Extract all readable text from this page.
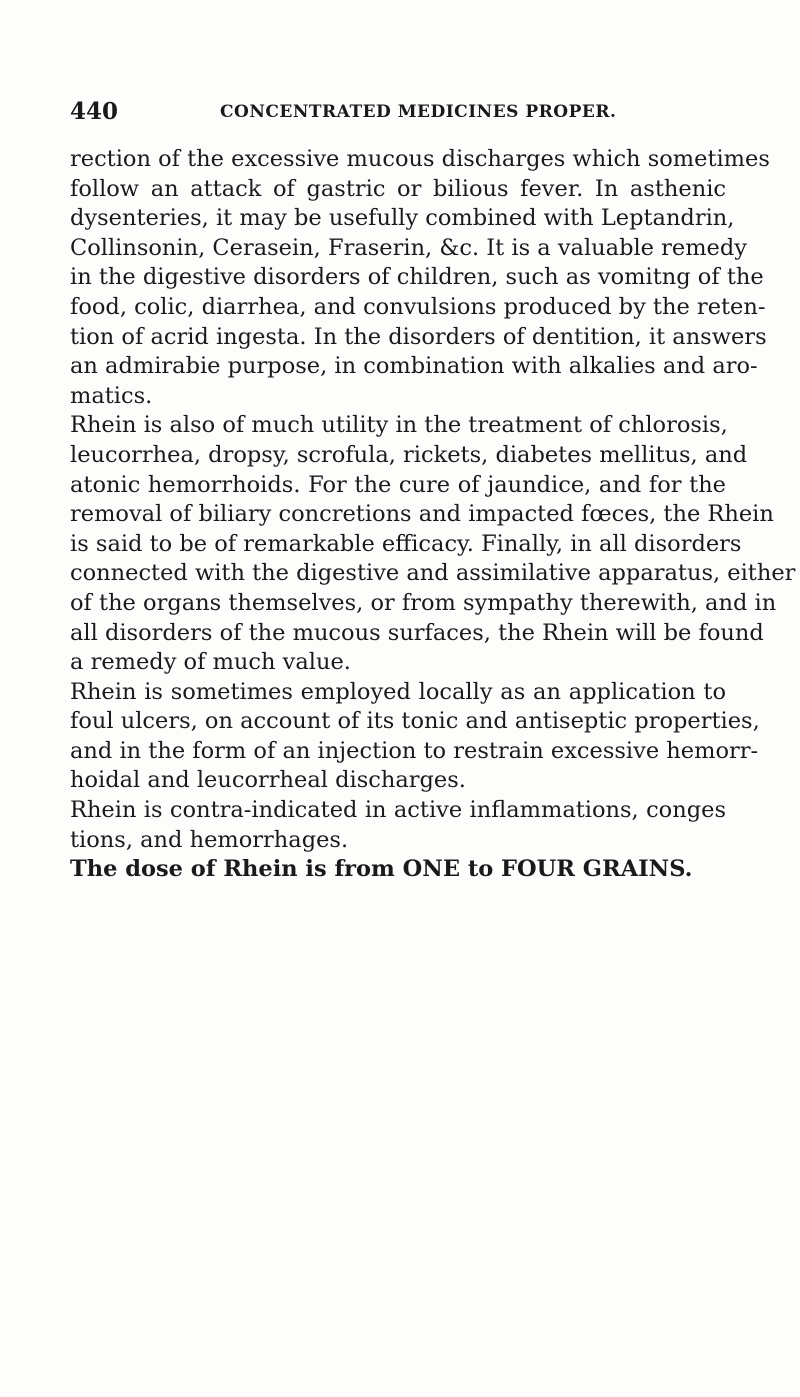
440	CONCENTRATED MEDICINES PROPER.
rection of the excessive mucous discharges which sometimes
follow an attack of gastric or bilious fever. In asthenic
dysenteries, it may be usefully combined with Leptandrin,
Collinsonin, Cerasein, Fraserin, &c. It is a valuable remedy
in the digestive disorders of children, such as vomitng of the
food, colic, diarrhea, and convulsions produced by the reten-
tion of acrid ingesta. In the disorders of dentition, it answers
an admirabie purpose, in combination with alkalies and aro-
matics.
Rhein is also of much utility in the treatment of chlorosis,
leucorrhea, dropsy, scrofula, rickets, diabetes mellitus, and
atonic hemorrhoids. For the cure of jaundice, and for the
removal of biliary concretions and impacted fœces, the Rhein
is said to be of remarkable efficacy. Finally, in all disorders
connected with the digestive and assimilative apparatus, either
of the organs themselves, or from sympathy therewith, and in
all disorders of the mucous surfaces, the Rhein will be found
a remedy of much value.
Rhein is sometimes employed locally as an application to
foul ulcers, on account of its tonic and antiseptic properties,
and in the form of an injection to restrain excessive hemorr-
hoidal and leucorrheal discharges.
Rhein is contra-indicated in active inflammations, conges
tions, and hemorrhages.
The dose of Rhein is from ONE to FOUR GRAINS.
